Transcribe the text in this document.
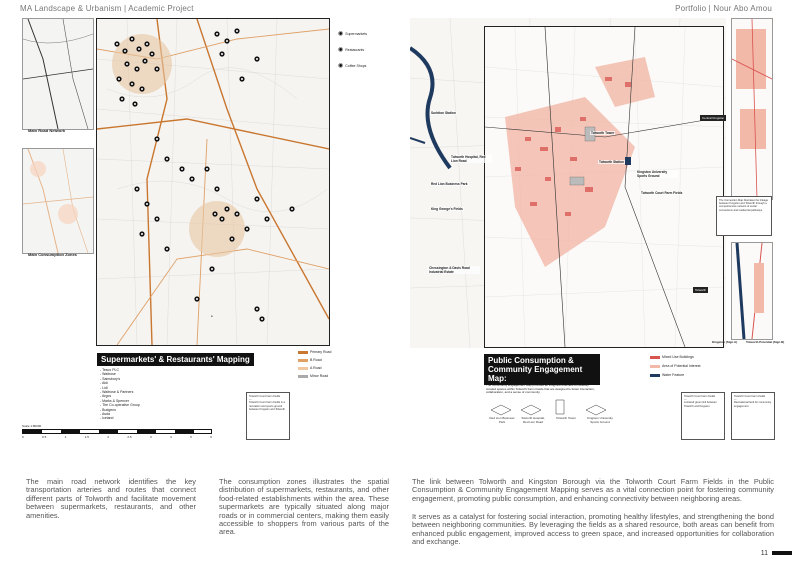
MA Landscape & Urbanism | Academic Project	Portfolio | Nour Abo Amou
Main Road Network
Main Consumption Zones
●
◉ Supermarkets
◉ Restaurants
◉ Coffee Shops
Supermarkets' & Restaurants' Mapping
Primary Road
B Road
A Road
Minor Road
- Tesco PLC
- Waitrose
- Sainsbury's
- Aldi
- Lidl
- Waitrose & Partners
- Argos
- Marks & Spencer
- The Co-operative Group
- Budgens
- Asda
- Iceland
Tolworth Court Farm Fields
—
Tolworth Court Farm Fields is a recreation and sports ground between Kingston and Tolworth.
Scale 1:80000
0	0.5	1	1.5	2	2.5	3	4	5	6
The main road network identifies the key transportation arteries and routes that connect different parts of Tolworth and facilitate movement between supermarkets, restaurants, and other amenities.
The consumption zones illustrates the spatial distribution of supermarkets, restaurants, and other food-related establishments within the area. These supermarkets are typically situated along major roads or in commercial centers, making them easily accessible to shoppers from various parts of the area.
Surbiton Station
Central Kingston
Tolworth Tower
Tolworth Hospital, Red Lion Road	Tolworth Station
Red Lion Business Park
Kingston University Sports Ground
Tolworth Court Farm Fields
King George's Fields
Chessington & Davis Road Industrial Estate
Tolworth
The Connection Map illustrates the linkage between Kingston and Tolworth through a comprehensive network of social connections and residential pathways.
Kingston (Sign A)	Tolworth Potential (Sign B)
Public Consumption & Community Engagement Map:
Mixed Use Buildings
Area of Potential Interest
Water Feature
The Community Engagement Map provides an insightful overview of carefully curated spaces within Tolworth Farm Fields that are designed to foster interaction, collaboration, and a sense of community.
Red Lion Business Park
Tolworth Hospital, Red Lion Road
Tolworth Tower	Kingston University Sports Ground
Tolworth Court Farm Fields
—
A shared green link between Tolworth and Kingston.
Tolworth Court Farm Fields
—
Recreational land for community engagement.
The link between Tolworth and Kingston Borough via the Tolworth Court Farm Fields in the Public Consumption & Community Engagement Mapping serves as a vital connection point for fostering community engagement, promoting public consumption, and enhancing connectivity between neighboring areas.
It serves as a catalyst for fostering social interaction, promoting healthy lifestyles, and strengthening the bond between neighboring communities. By leveraging the fields as a shared resource, both areas can benefit from enhanced public engagement, improved access to green space, and increased opportunities for collaboration and exchange.
11
